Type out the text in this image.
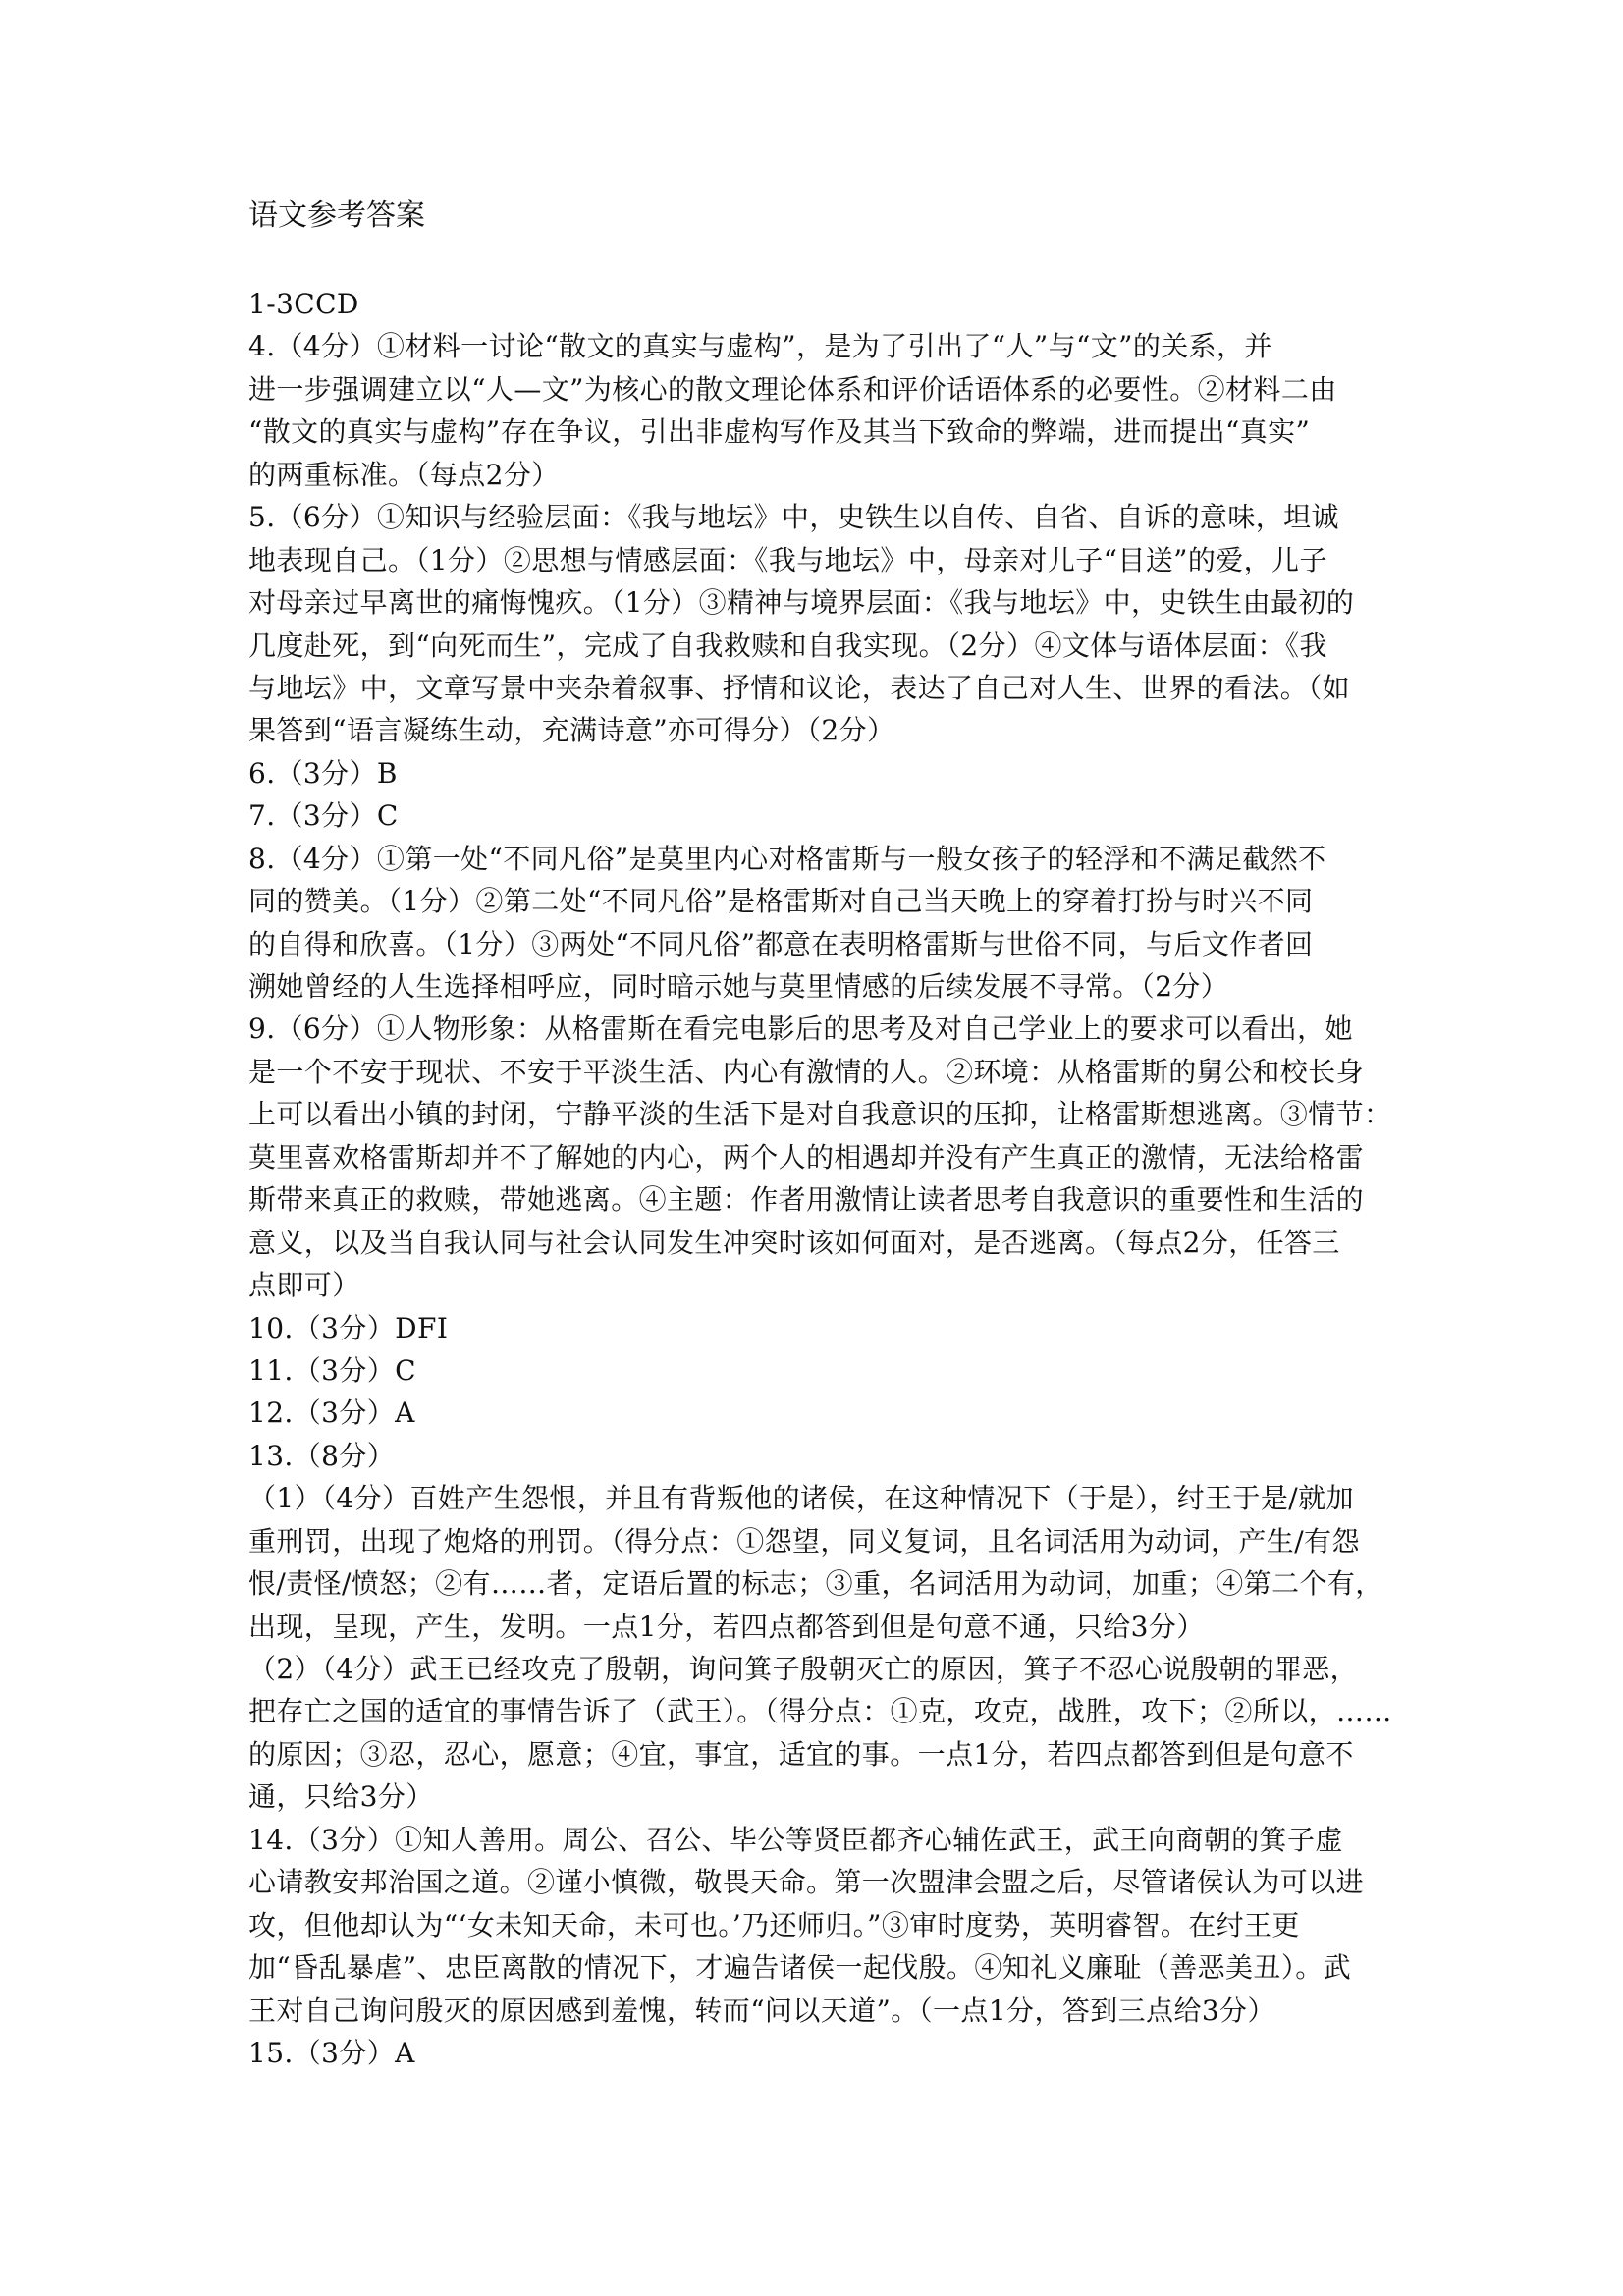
语文参考答案
1-3CCD
4.（4分）①材料一讨论“散文的真实与虚构”，是为了引出了“人”与“文”的关系，并
进一步强调建立以“人—文”为核心的散文理论体系和评价话语体系的必要性。②材料二由
“散文的真实与虚构”存在争议，引出非虚构写作及其当下致命的弊端，进而提出“真实”
的两重标准。（每点2分）
5.（6分）①知识与经验层面：《我与地坛》中，史铁生以自传、自省、自诉的意味，坦诚
地表现自己。（1分）②思想与情感层面：《我与地坛》中，母亲对儿子“目送”的爱，儿子
对母亲过早离世的痛悔愧疚。（1分）③精神与境界层面：《我与地坛》中，史铁生由最初的
几度赴死，到“向死而生”，完成了自我救赎和自我实现。（2分）④文体与语体层面：《我
与地坛》中，文章写景中夹杂着叙事、抒情和议论，表达了自己对人生、世界的看法。（如
果答到“语言凝练生动，充满诗意”亦可得分）（2分）
6.（3分）B
7.（3分）C
8.（4分）①第一处“不同凡俗”是莫里内心对格雷斯与一般女孩子的轻浮和不满足截然不
同的赞美。（1分）②第二处“不同凡俗”是格雷斯对自己当天晚上的穿着打扮与时兴不同
的自得和欣喜。（1分）③两处“不同凡俗”都意在表明格雷斯与世俗不同，与后文作者回
溯她曾经的人生选择相呼应，同时暗示她与莫里情感的后续发展不寻常。（2分）
9.（6分）①人物形象：从格雷斯在看完电影后的思考及对自己学业上的要求可以看出，她
是一个不安于现状、不安于平淡生活、内心有激情的人。②环境：从格雷斯的舅公和校长身
上可以看出小镇的封闭，宁静平淡的生活下是对自我意识的压抑，让格雷斯想逃离。③情节：
莫里喜欢格雷斯却并不了解她的内心，两个人的相遇却并没有产生真正的激情，无法给格雷
斯带来真正的救赎，带她逃离。④主题：作者用激情让读者思考自我意识的重要性和生活的
意义，以及当自我认同与社会认同发生冲突时该如何面对，是否逃离。（每点2分，任答三
点即可）
10.（3分）DFI
11.（3分）C
12.（3分）A
13.（8分）
（1）（4分）百姓产生怨恨，并且有背叛他的诸侯，在这种情况下（于是），纣王于是/就加
重刑罚，出现了炮烙的刑罚。（得分点：①怨望，同义复词，且名词活用为动词，产生/有怨
恨/责怪/愤怒；②有……者，定语后置的标志；③重，名词活用为动词，加重；④第二个有，
出现，呈现，产生，发明。一点1分，若四点都答到但是句意不通，只给3分）
（2）（4分）武王已经攻克了殷朝，询问箕子殷朝灭亡的原因，箕子不忍心说殷朝的罪恶，
把存亡之国的适宜的事情告诉了（武王）。（得分点：①克，攻克，战胜，攻下；②所以，……
的原因；③忍，忍心，愿意；④宜，事宜，适宜的事。一点1分，若四点都答到但是句意不
通，只给3分）
14.（3分）①知人善用。周公、召公、毕公等贤臣都齐心辅佐武王，武王向商朝的箕子虚
心请教安邦治国之道。②谨小慎微，敬畏天命。第一次盟津会盟之后，尽管诸侯认为可以进
攻，但他却认为“‘女未知天命，未可也。’乃还师归。”③审时度势，英明睿智。在纣王更
加“昏乱暴虐”、忠臣离散的情况下，才遍告诸侯一起伐殷。④知礼义廉耻（善恶美丑）。武
王对自己询问殷灭的原因感到羞愧，转而“问以天道”。（一点1分，答到三点给3分）
15.（3分）A
